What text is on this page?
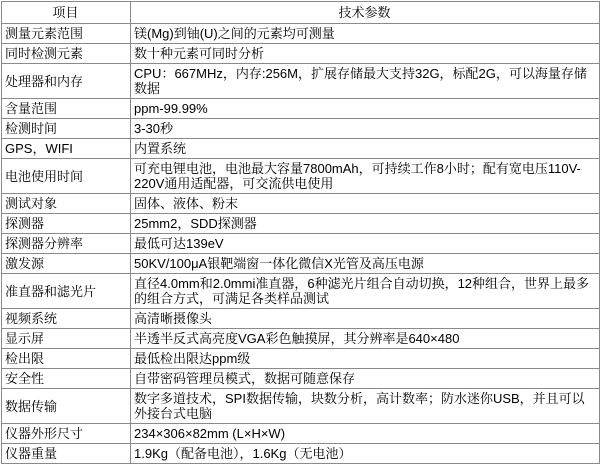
项目	技术参数
测量元素范围	镁(Mg)到铀(U)之间的元素均可测量
同时检测元素	数十种元素可同时分析
处理器和内存	CPU：667MHz，内存:256M，扩展存储最大支持32G，标配2G，可以海量存储数据
含量范围	ppm-99.99%
检测时间	3-30秒
GPS，WIFI	内置系统
电池使用时间	可充电锂电池，电池最大容量7800mAh，可持续工作8小时；配有宽电压110V-220V通用适配器，可交流供电使用
测试对象	固体、液体、粉末
探测器	25mm2，SDD探测器
探测器分辨率	最低可达139eV
激发源	50KV/100μA银靶端窗一体化微信X光管及高压电源
准直器和滤光片	直径4.0mm和2.0mmi准直器，6种滤光片组合自动切换，12种组合，世界上最多的组合方式，可满足各类样品测试
视频系统	高清晰摄像头
显示屏	半透半反式高亮度VGA彩色触摸屏，其分辨率是640×480
检出限	最低检出限达ppm级
安全性	自带密码管理员模式，数据可随意保存
数据传输	数字多道技术，SPI数据传输，块数分析，高计数率；防水迷你USB，并且可以外接台式电脑
仪器外形尺寸	234×306×82mm (L×H×W)
仪器重量	1.9Kg（配备电池），1.6Kg（无电池）
